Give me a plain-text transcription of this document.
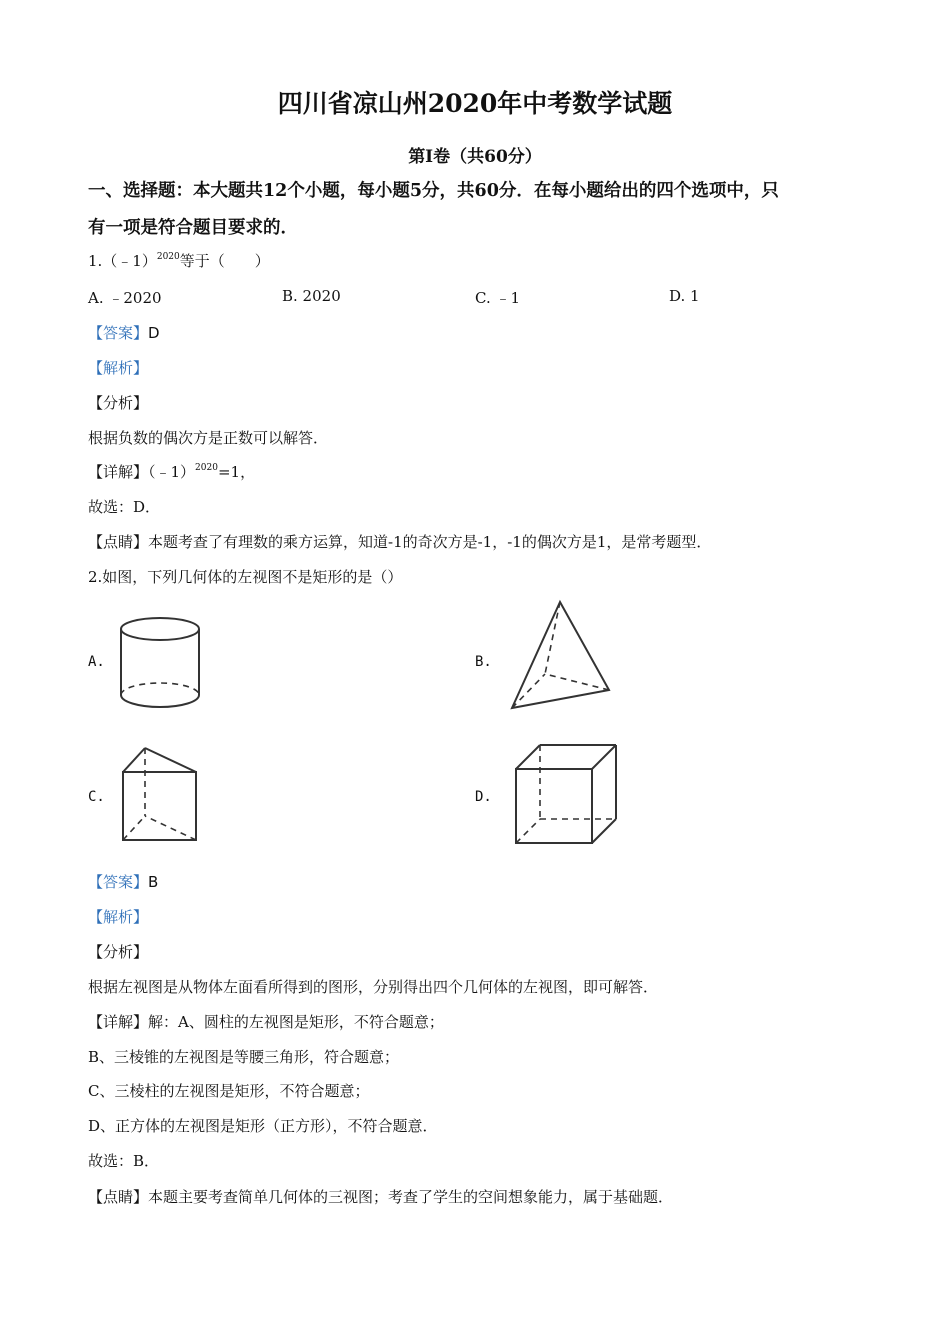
四川省凉山州2020年中考数学试题
第Ⅰ卷（共60分）
一、选择题：本大题共12个小题，每小题5分，共60分．在每小题给出的四个选项中，只
有一项是符合题目要求的．
1.（﹣1）$^{2020}$等于（　　）
A. ﹣2020	B. 2020	C. ﹣1	D. 1
【答案】D
【解析】
【分析】
根据负数的偶次方是正数可以解答．
【详解】（﹣1）$^{2020}$=1，
故选：D．
【点睛】本题考查了有理数的乘方运算，知道-1的奇次方是-1，-1的偶次方是1，是常考题型．
2.如图，下列几何体的左视图不是矩形的是（）
A.	B.
C.	D.
【答案】B
【解析】
【分析】
根据左视图是从物体左面看所得到的图形，分别得出四个几何体的左视图，即可解答．
【详解】解：A、圆柱的左视图是矩形，不符合题意；
B、三棱锥的左视图是等腰三角形，符合题意；
C、三棱柱的左视图是矩形，不符合题意；
D、正方体的左视图是矩形（正方形），不符合题意．
故选：B．
【点睛】本题主要考查简单几何体的三视图；考查了学生的空间想象能力，属于基础题．
